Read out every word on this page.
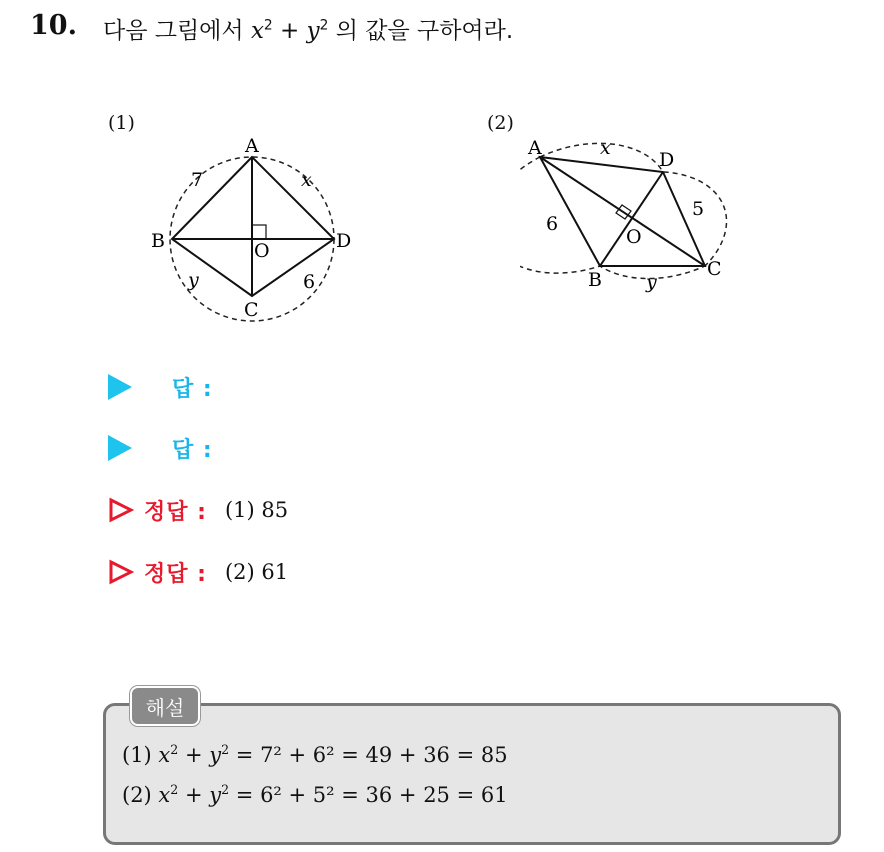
10. 다음 그림에서 $x^2 + y^2$ 의 값을 구하여라.
(1)
A
B
C
D
O
7	x
y	6
(2)
A
B	C
D
O
6
x
y
5
답 :
답 :
정답 : (1) 85
정답 : (2) 61
해설
(1) $x^2 + y^2 = 7^2 + 6^2 = 49 + 36 = 85$
(2) $x^2 + y^2 = 6^2 + 5^2 = 36 + 25 = 61$
